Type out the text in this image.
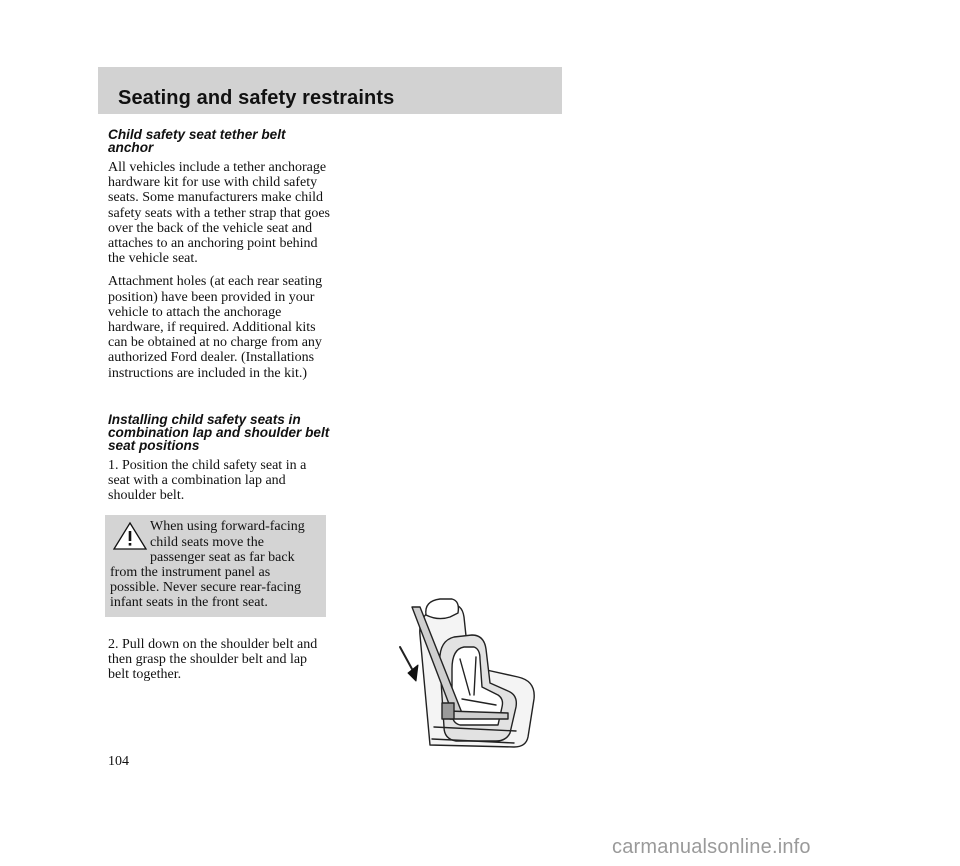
Seating and safety restraints
Child safety seat tether belt anchor

All vehicles include a tether anchorage hardware kit for use with child safety seats. Some manufacturers make child safety seats with a tether strap that goes over the back of the vehicle seat and attaches to an anchoring point behind the vehicle seat.

Attachment holes (at each rear seating position) have been provided in your vehicle to attach the anchorage hardware, if required. Additional kits can be obtained at no charge from any authorized Ford dealer. (Installations instructions are included in the kit.)

Installing child safety seats in combination lap and shoulder belt seat positions

1. Position the child safety seat in a seat with a combination lap and shoulder belt.

When using forward-facing child seats move the passenger seat as far back from the instrument panel as possible. Never secure rear-facing infant seats in the front seat.

2. Pull down on the shoulder belt and then grasp the shoulder belt and lap belt together.

104
carmanualsonline.info
